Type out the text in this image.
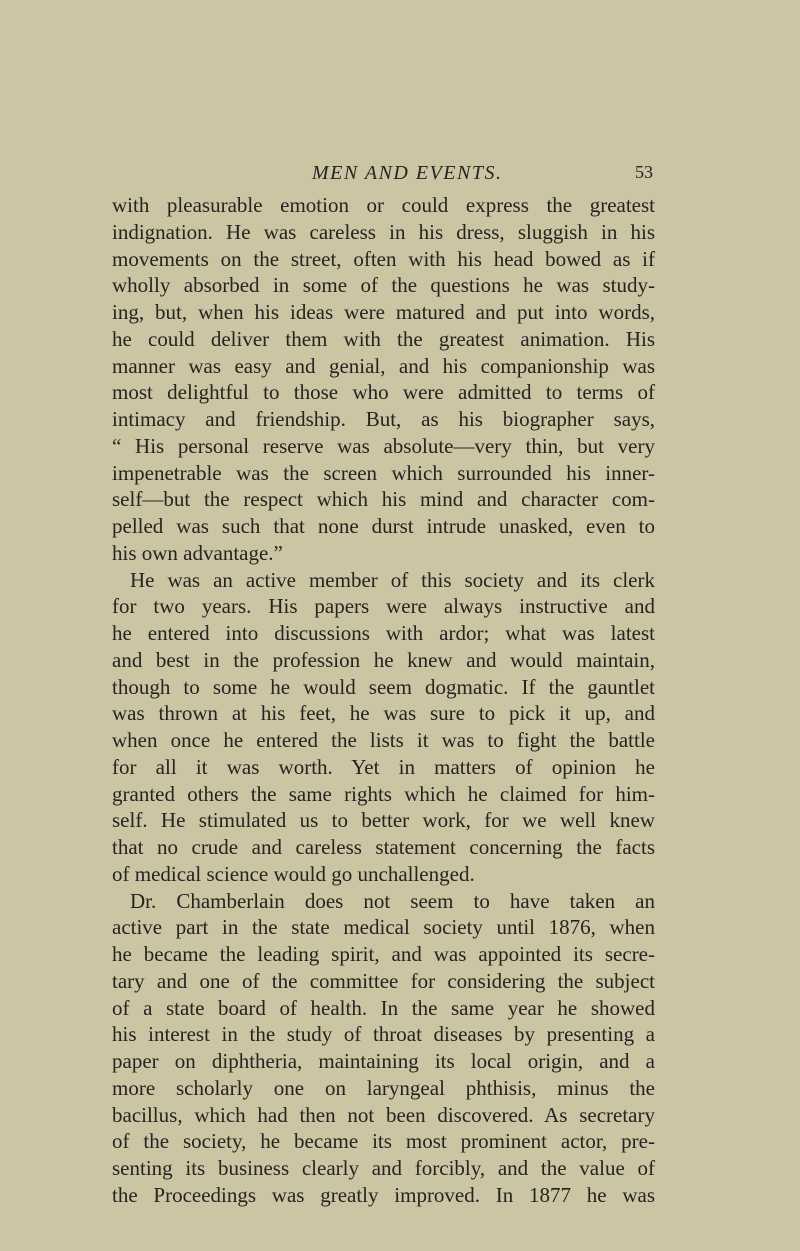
MEN AND EVENTS.	53
with pleasurable emotion or could express the greatest
indignation. He was careless in his dress, sluggish in his
movements on the street, often with his head bowed as if
wholly absorbed in some of the questions he was study-
ing, but, when his ideas were matured and put into words,
he could deliver them with the greatest animation. His
manner was easy and genial, and his companionship was
most delightful to those who were admitted to terms of
intimacy and friendship. But, as his biographer says,
“ His personal reserve was absolute—very thin, but very
impenetrable was the screen which surrounded his inner-
self—but the respect which his mind and character com-
pelled was such that none durst intrude unasked, even to
his own advantage.”
He was an active member of this society and its clerk
for two years. His papers were always instructive and
he entered into discussions with ardor; what was latest
and best in the profession he knew and would maintain,
though to some he would seem dogmatic. If the gauntlet
was thrown at his feet, he was sure to pick it up, and
when once he entered the lists it was to fight the battle
for all it was worth. Yet in matters of opinion he
granted others the same rights which he claimed for him-
self. He stimulated us to better work, for we well knew
that no crude and careless statement concerning the facts
of medical science would go unchallenged.
Dr. Chamberlain does not seem to have taken an
active part in the state medical society until 1876, when
he became the leading spirit, and was appointed its secre-
tary and one of the committee for considering the subject
of a state board of health. In the same year he showed
his interest in the study of throat diseases by presenting a
paper on diphtheria, maintaining its local origin, and a
more scholarly one on laryngeal phthisis, minus the
bacillus, which had then not been discovered. As secretary
of the society, he became its most prominent actor, pre-
senting its business clearly and forcibly, and the value of
the Proceedings was greatly improved. In 1877 he was
